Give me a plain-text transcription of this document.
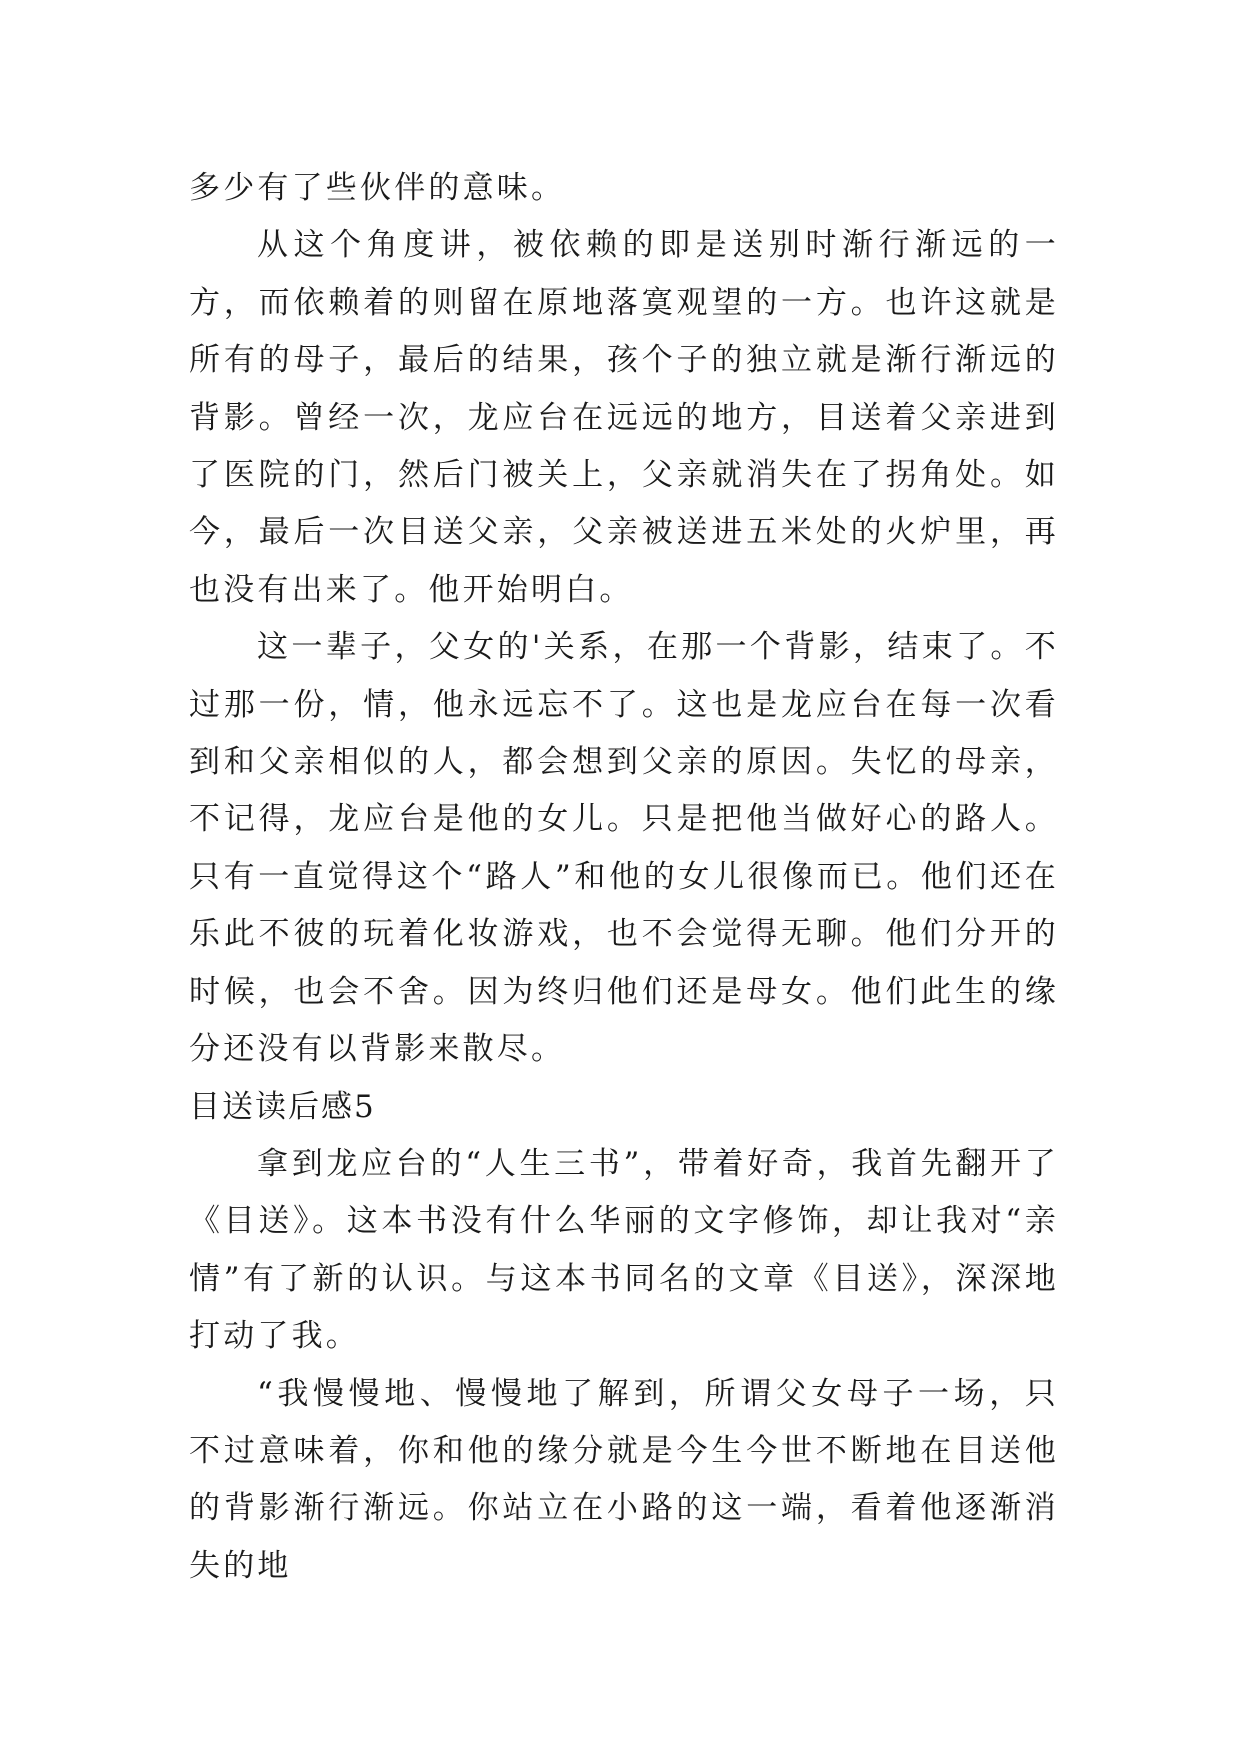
多少有了些伙伴的意味。

从这个角度讲，被依赖的即是送别时渐行渐远的一方，而依赖着的则留在原地落寞观望的一方。也许这就是所有的母子，最后的结果，孩个子的独立就是渐行渐远的背影。曾经一次，龙应台在远远的地方，目送着父亲进到了医院的门，然后门被关上，父亲就消失在了拐角处。如今，最后一次目送父亲，父亲被送进五米处的火炉里，再也没有出来了。他开始明白。

这一辈子，父女的'关系，在那一个背影，结束了。不过那一份，情，他永远忘不了。这也是龙应台在每一次看到和父亲相似的人，都会想到父亲的原因。失忆的母亲，不记得，龙应台是他的女儿。只是把他当做好心的路人。只有一直觉得这个“路人”和他的女儿很像而已。他们还在乐此不彼的玩着化妆游戏，也不会觉得无聊。他们分开的时候，也会不舍。因为终归他们还是母女。他们此生的缘分还没有以背影来散尽。

目送读后感5

拿到龙应台的“人生三书”，带着好奇，我首先翻开了《目送》。这本书没有什么华丽的文字修饰，却让我对“亲情”有了新的认识。与这本书同名的文章《目送》，深深地打动了我。

“我慢慢地、慢慢地了解到，所谓父女母子一场，只不过意味着，你和他的缘分就是今生今世不断地在目送他的背影渐行渐远。你站立在小路的这一端，看着他逐渐消失的地
